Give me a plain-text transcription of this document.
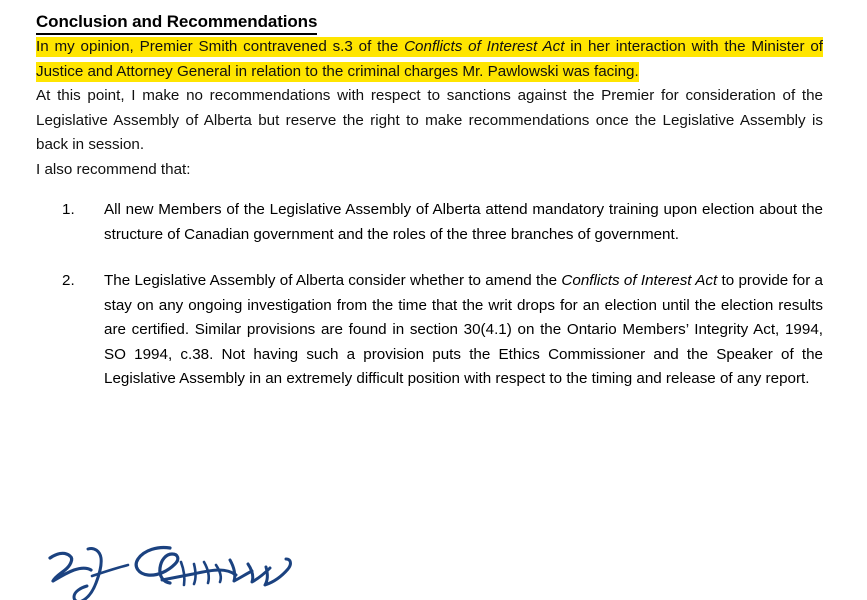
Conclusion and Recommendations

In my opinion, Premier Smith contravened s.3 of the Conflicts of Interest Act in her interaction with the Minister of Justice and Attorney General in relation to the criminal charges Mr. Pawlowski was facing.

At this point, I make no recommendations with respect to sanctions against the Premier for consideration of the Legislative Assembly of Alberta but reserve the right to make recommendations once the Legislative Assembly is back in session.

I also recommend that:

1.	All new Members of the Legislative Assembly of Alberta attend mandatory training upon election about the structure of Canadian government and the roles of the three branches of government.
2.	The Legislative Assembly of Alberta consider whether to amend the Conflicts of Interest Act to provide for a stay on any ongoing investigation from the time that the writ drops for an election until the election results are certified. Similar provisions are found in section 30(4.1) on the Ontario Members’ Integrity Act, 1994, SO 1994, c.38. Not having such a provision puts the Ethics Commissioner and the Speaker of the Legislative Assembly in an extremely difficult position with respect to the timing and release of any report.
